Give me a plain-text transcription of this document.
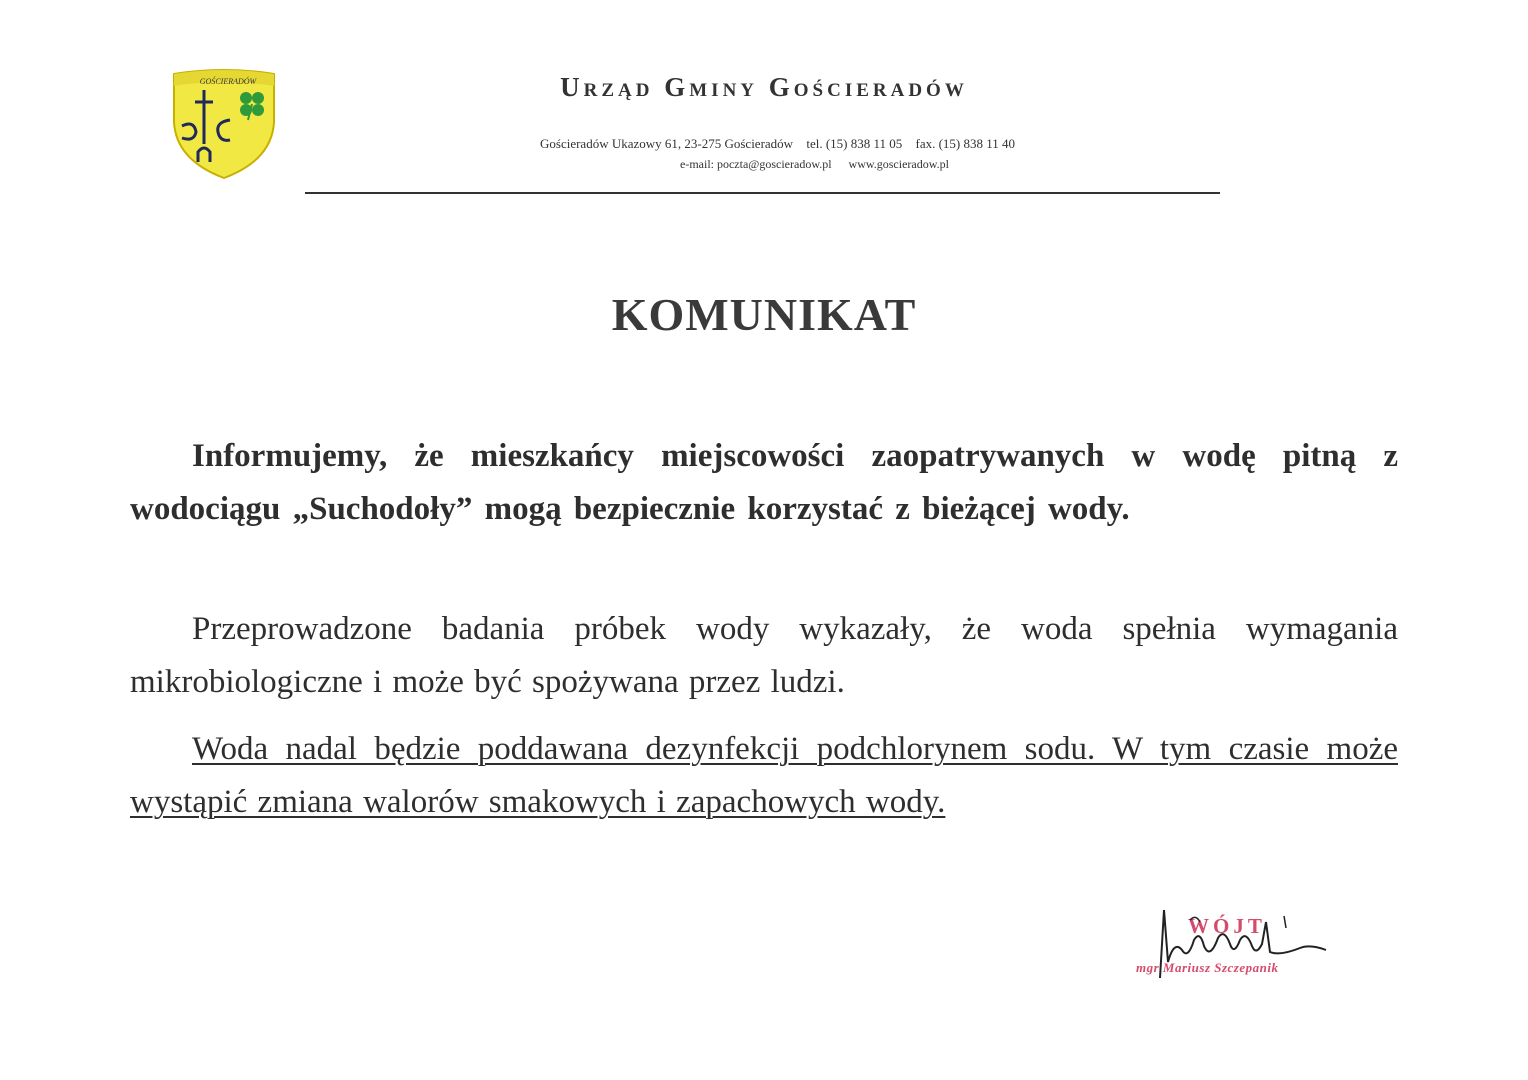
GOŚCIERADÓW	Urząd Gminy Gościeradów
Gościeradów Ukazowy 61, 23-275 Gościeradów tel. (15) 838 11 05 fax. (15) 838 11 40
e-mail: poczta@goscieradow.pl www.goscieradow.pl
KOMUNIKAT
Informujemy, że mieszkańcy miejscowości zaopatrywanych w wodę pitną z wodociągu „Suchodoły” mogą bezpiecznie korzystać z bieżącej wody.
Przeprowadzone badania próbek wody wykazały, że woda spełnia wymagania mikrobiologiczne i może być spożywana przez ludzi.
Woda nadal będzie poddawana dezynfekcji podchlorynem sodu. W tym czasie może wystąpić zmiana walorów smakowych i zapachowych wody.
WÓJT
mgr Mariusz Szczepanik
